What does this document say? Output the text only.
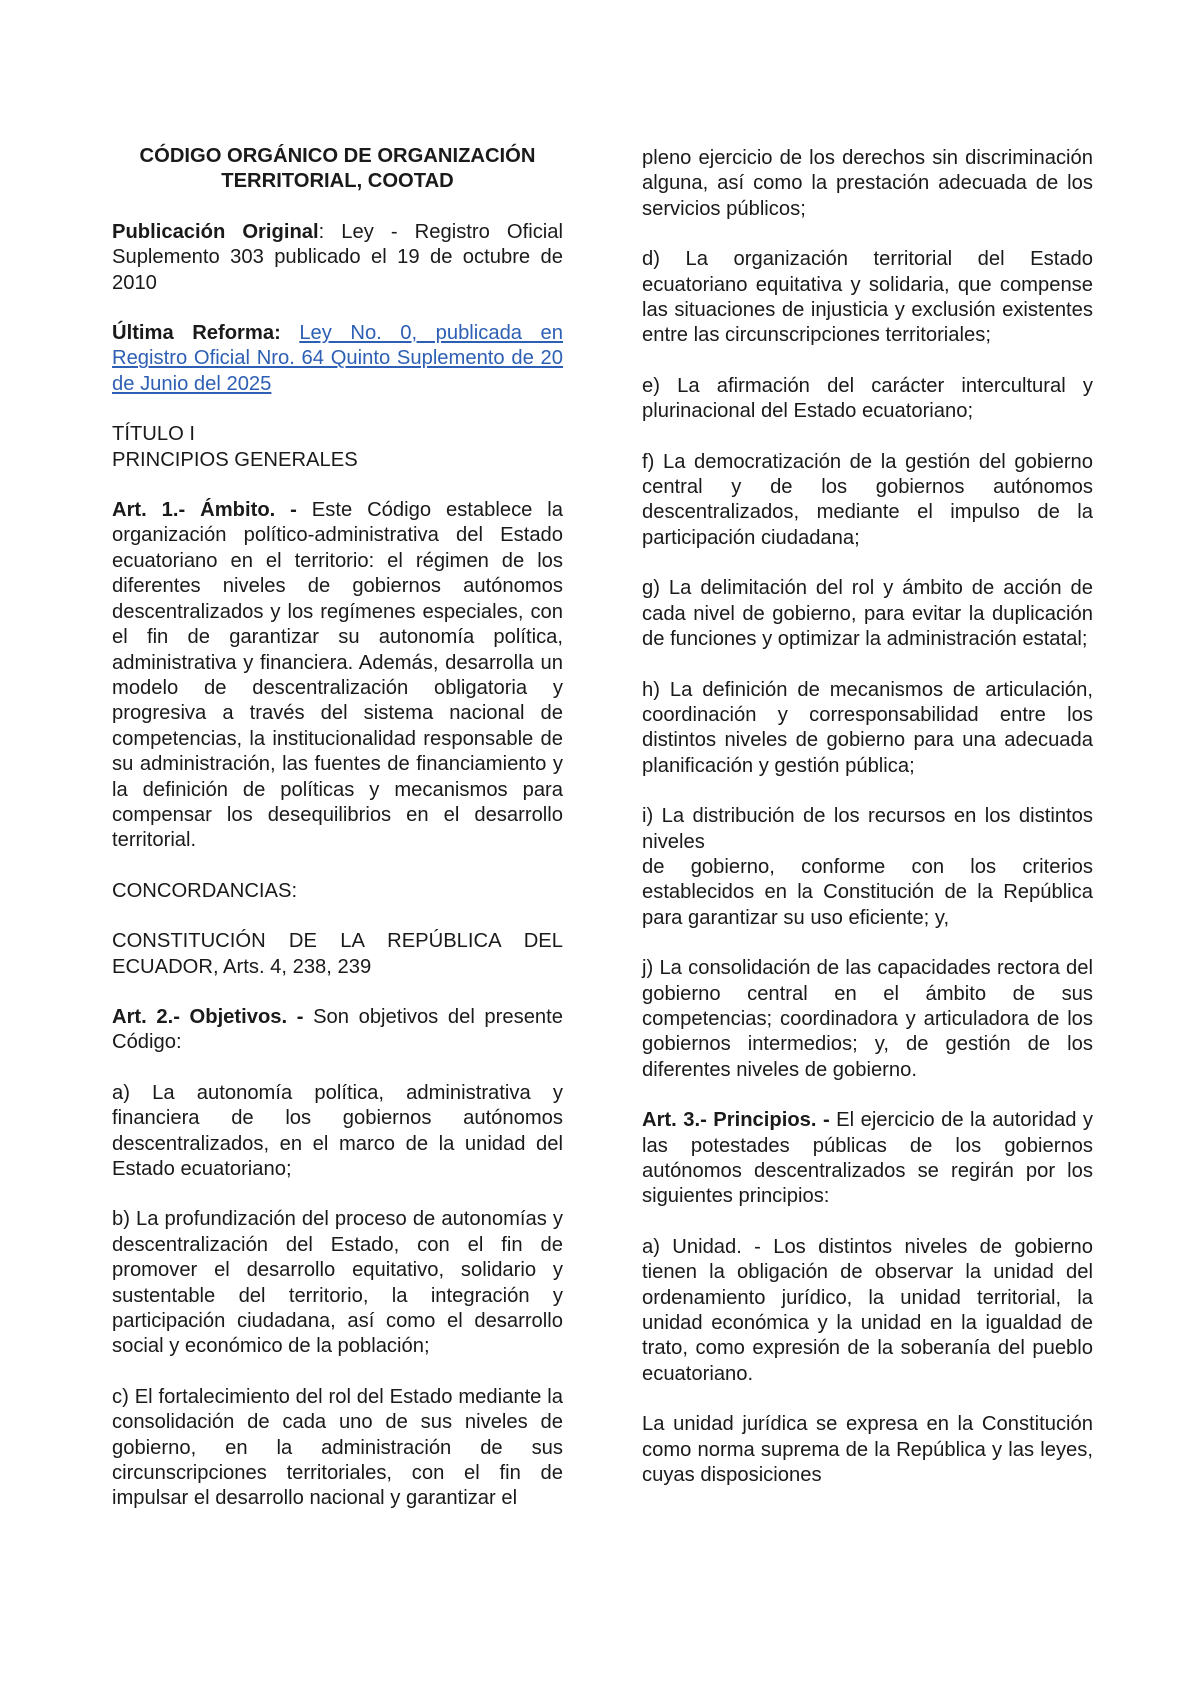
CÓDIGO ORGÁNICO DE ORGANIZACIÓN
TERRITORIAL, COOTAD

Publicación Original: Ley - Registro Oficial Suplemento 303 publicado el 19 de octubre de 2010

Última Reforma: Ley No. 0, publicada en Registro Oficial Nro. 64 Quinto Suplemento de 20 de Junio del 2025

TÍTULO I
PRINCIPIOS GENERALES

Art. 1.- Ámbito. - Este Código establece la organización político-administrativa del Estado ecuatoriano en el territorio: el régimen de los diferentes niveles de gobiernos autónomos descentralizados y los regímenes especiales, con el fin de garantizar su autonomía política, administrativa y financiera. Además, desarrolla un modelo de descentralización obligatoria y progresiva a través del sistema nacional de competencias, la institucionalidad responsable de su administración, las fuentes de financiamiento y la definición de políticas y mecanismos para compensar los desequilibrios en el desarrollo territorial.

CONCORDANCIAS:

CONSTITUCIÓN DE LA REPÚBLICA DEL ECUADOR, Arts. 4, 238, 239

Art. 2.- Objetivos. - Son objetivos del presente Código:

a) La autonomía política, administrativa y financiera de los gobiernos autónomos descentralizados, en el marco de la unidad del Estado ecuatoriano;

b) La profundización del proceso de autonomías y descentralización del Estado, con el fin de promover el desarrollo equitativo, solidario y sustentable del territorio, la integración y participación ciudadana, así como el desarrollo social y económico de la población;

c) El fortalecimiento del rol del Estado mediante la consolidación de cada uno de sus niveles de gobierno, en la administración de sus circunscripciones territoriales, con el fin de impulsar el desarrollo nacional y garantizar el

pleno ejercicio de los derechos sin discriminación alguna, así como la prestación adecuada de los servicios públicos;

d) La organización territorial del Estado ecuatoriano equitativa y solidaria, que compense las situaciones de injusticia y exclusión existentes entre las circunscripciones territoriales;

e) La afirmación del carácter intercultural y plurinacional del Estado ecuatoriano;

f) La democratización de la gestión del gobierno central y de los gobiernos autónomos descentralizados, mediante el impulso de la participación ciudadana;

g) La delimitación del rol y ámbito de acción de cada nivel de gobierno, para evitar la duplicación de funciones y optimizar la administración estatal;

h) La definición de mecanismos de articulación, coordinación y corresponsabilidad entre los distintos niveles de gobierno para una adecuada planificación y gestión pública;

i) La distribución de los recursos en los distintos niveles
de gobierno, conforme con los criterios establecidos en la Constitución de la República para garantizar su uso eficiente; y,

j) La consolidación de las capacidades rectora del gobierno central en el ámbito de sus competencias; coordinadora y articuladora de los gobiernos intermedios; y, de gestión de los diferentes niveles de gobierno.

Art. 3.- Principios. - El ejercicio de la autoridad y las potestades públicas de los gobiernos autónomos descentralizados se regirán por los siguientes principios:

a) Unidad. - Los distintos niveles de gobierno tienen la obligación de observar la unidad del ordenamiento jurídico, la unidad territorial, la unidad económica y la unidad en la igualdad de trato, como expresión de la soberanía del pueblo ecuatoriano.

La unidad jurídica se expresa en la Constitución como norma suprema de la República y las leyes, cuyas disposiciones
